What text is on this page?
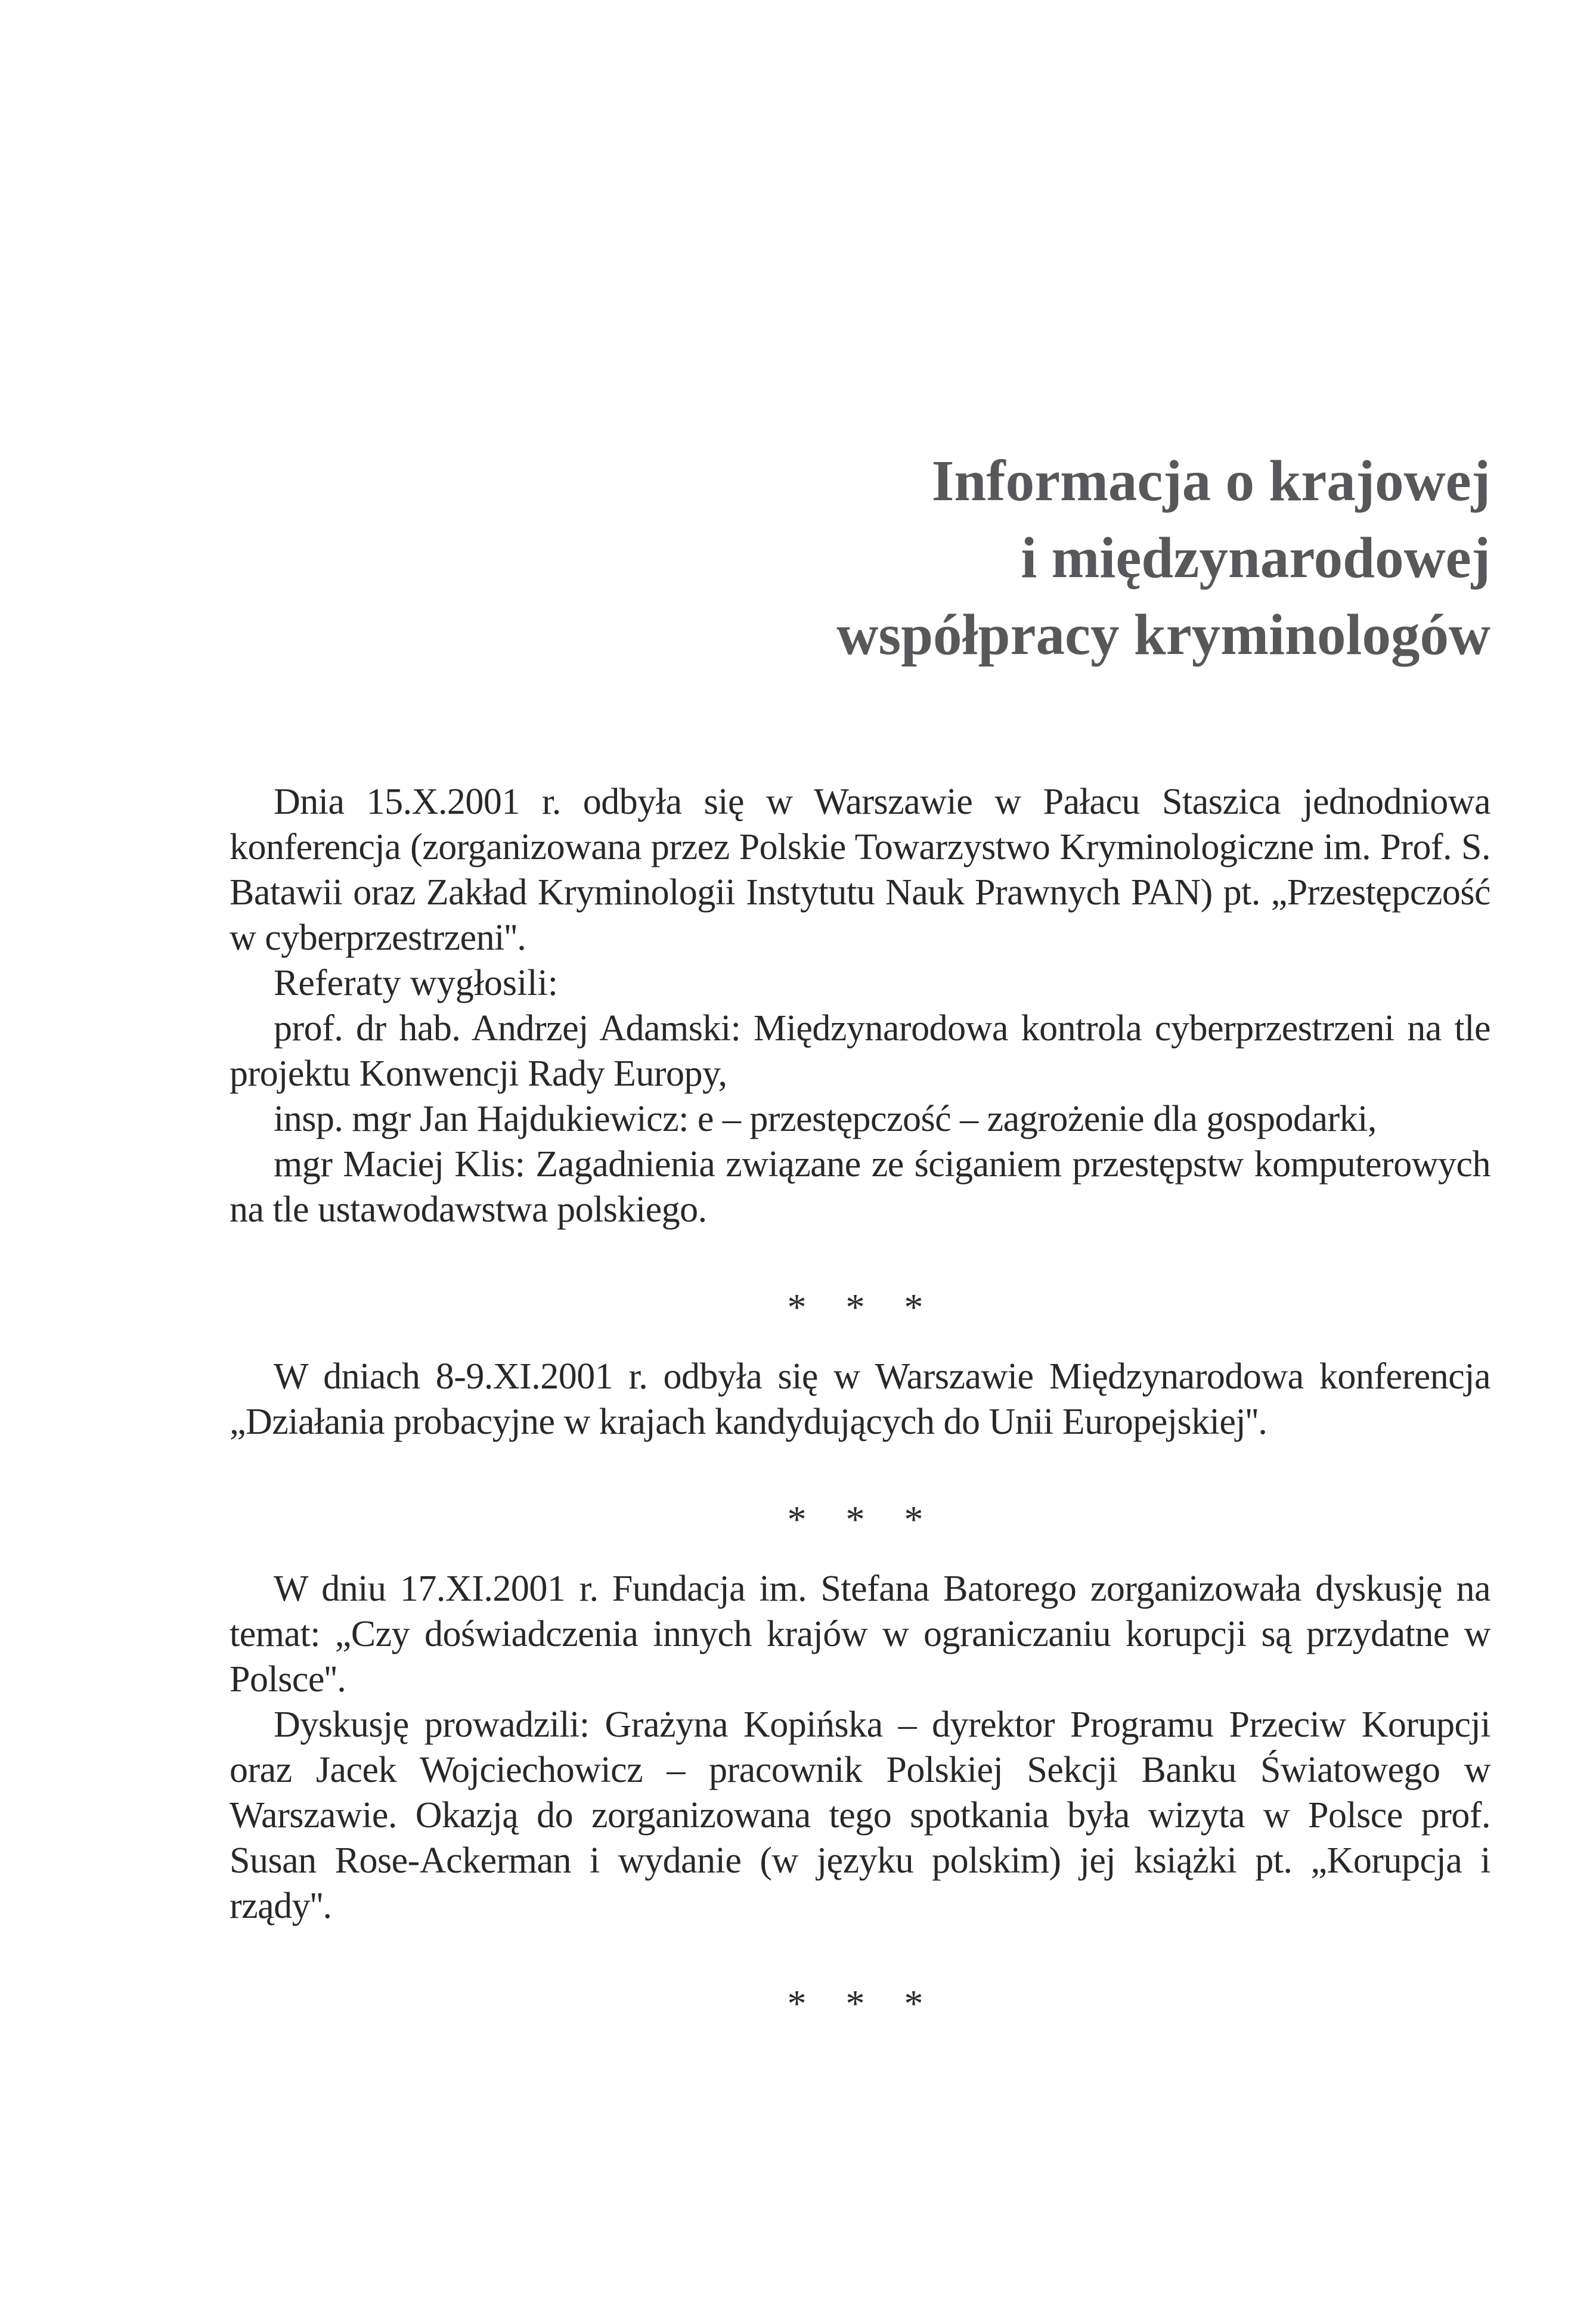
Informacja o krajowej
i międzynarodowej
współpracy kryminologów

Dnia 15.X.2001 r. odbyła się w Warszawie w Pałacu Staszica jednodniowa konferencja (zorganizowana przez Polskie Towarzystwo Kryminologiczne im. Prof. S. Batawii oraz Zakład Kryminologii Instytutu Nauk Prawnych PAN) pt. „Przestępczość w cyberprzestrzeni''.

Referaty wygłosili:

prof. dr hab. Andrzej Adamski: Międzynarodowa kontrola cyberprzestrzeni na tle projektu Konwencji Rady Europy,

insp. mgr Jan Hajdukiewicz: e – przestępczość – zagrożenie dla gospodarki,

mgr Maciej Klis: Zagadnienia związane ze ściganiem przestępstw komputerowych na tle ustawodawstwa polskiego.

* * *

W dniach 8-9.XI.2001 r. odbyła się w Warszawie Międzynarodowa konferencja „Działania probacyjne w krajach kandydujących do Unii Europejskiej''.

* * *

W dniu 17.XI.2001 r. Fundacja im. Stefana Batorego zorganizowała dyskusję na temat: „Czy doświadczenia innych krajów w ograniczaniu korupcji są przydatne w Polsce''.

Dyskusję prowadzili: Grażyna Kopińska – dyrektor Programu Przeciw Korupcji oraz Jacek Wojciechowicz – pracownik Polskiej Sekcji Banku Światowego w Warszawie. Okazją do zorganizowana tego spotkania była wizyta w Polsce prof. Susan Rose-Ackerman i wydanie (w języku polskim) jej książki pt. „Korupcja i rządy''.

* * *
